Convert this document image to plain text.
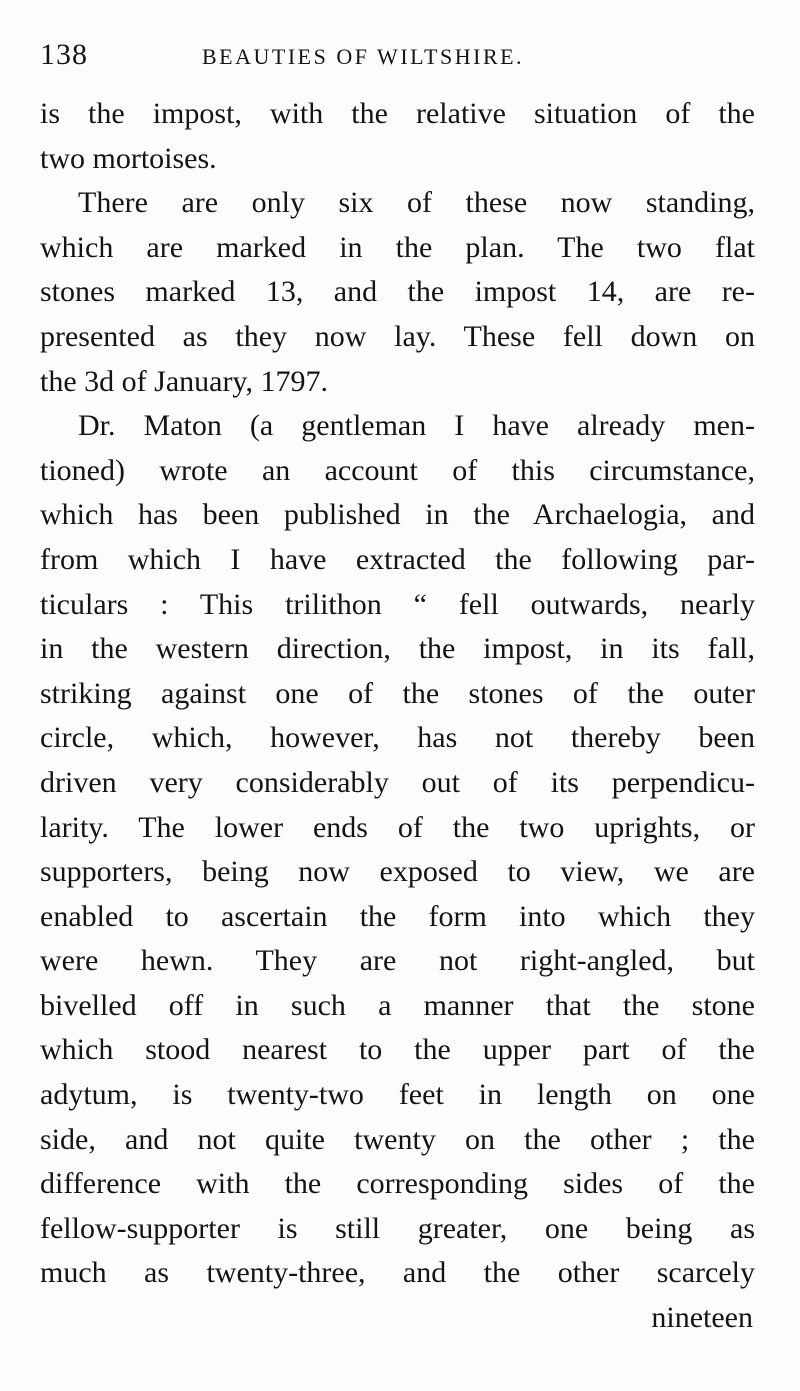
138	BEAUTIES OF WILTSHIRE.
is the impost, with the relative situation of the
two mortoises.
There are only six of these now standing,
which are marked in the plan. The two flat
stones marked 13, and the impost 14, are re-
presented as they now lay. These fell down on
the 3d of January, 1797.
Dr. Maton (a gentleman I have already men-
tioned) wrote an account of this circumstance,
which has been published in the Archaelogia, and
from which I have extracted the following par-
ticulars : This trilithon “ fell outwards, nearly
in the western direction, the impost, in its fall,
striking against one of the stones of the outer
circle, which, however, has not thereby been
driven very considerably out of its perpendicu-
larity. The lower ends of the two uprights, or
supporters, being now exposed to view, we are
enabled to ascertain the form into which they
were hewn. They are not right-angled, but
bivelled off in such a manner that the stone
which stood nearest to the upper part of the
adytum, is twenty-two feet in length on one
side, and not quite twenty on the other ; the
difference with the corresponding sides of the
fellow-supporter is still greater, one being as
much as twenty-three, and the other scarcely
nineteen
